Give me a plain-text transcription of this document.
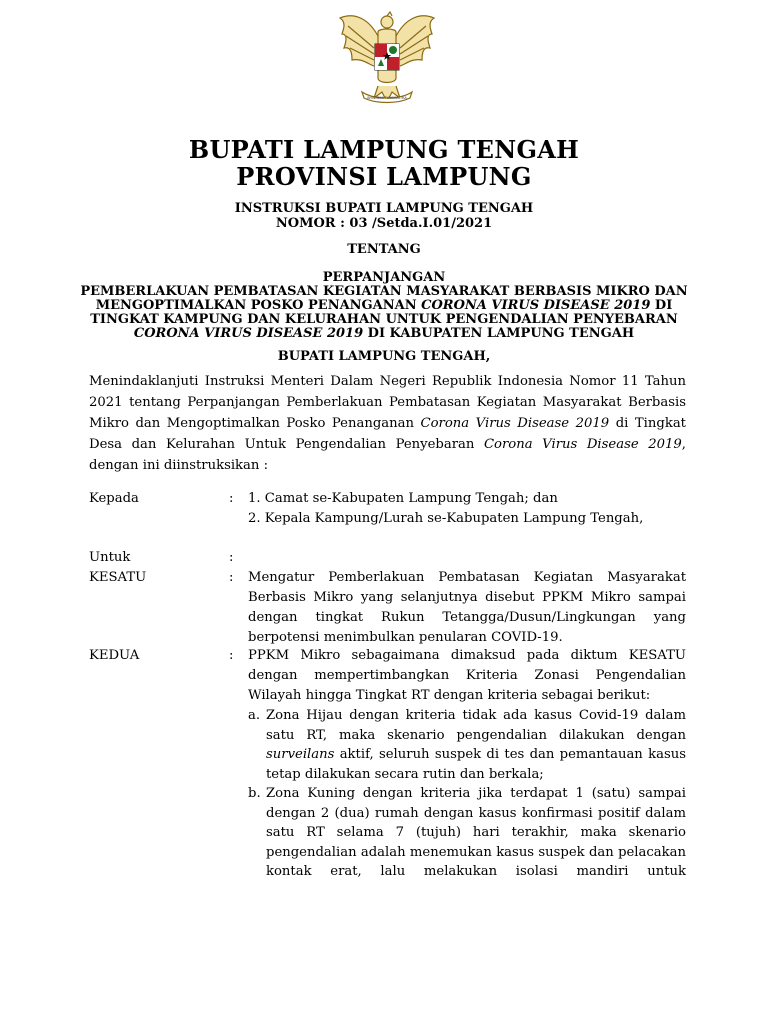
BHINNEKA TUNGGAL IKA
BUPATI LAMPUNG TENGAH
PROVINSI LAMPUNG
INSTRUKSI BUPATI LAMPUNG TENGAH
NOMOR : 03 /Setda.I.01/2021
TENTANG
PERPANJANGAN
PEMBERLAKUAN PEMBATASAN KEGIATAN MASYARAKAT BERBASIS MIKRO DAN
MENGOPTIMALKAN POSKO PENANGANAN CORONA VIRUS DISEASE 2019 DI
TINGKAT KAMPUNG DAN KELURAHAN UNTUK PENGENDALIAN PENYEBARAN
CORONA VIRUS DISEASE 2019 DI KABUPATEN LAMPUNG TENGAH
BUPATI LAMPUNG TENGAH,
Menindaklanjuti Instruksi Menteri Dalam Negeri Republik Indonesia Nomor 11 Tahun 2021 tentang Perpanjangan Pemberlakuan Pembatasan Kegiatan Masyarakat Berbasis Mikro dan Mengoptimalkan Posko Penanganan Corona Virus Disease 2019 di Tingkat Desa dan Kelurahan Untuk Pengendalian Penyebaran Corona Virus Disease 2019, dengan ini diinstruksikan :
Kepada	: 1. Camat se-Kabupaten Lampung Tengah; dan
2. Kepala Kampung/Lurah se-Kabupaten Lampung Tengah,
Untuk	:
KESATU	: Mengatur Pemberlakuan Pembatasan Kegiatan Masyarakat Berbasis Mikro yang selanjutnya disebut PPKM Mikro sampai dengan tingkat Rukun Tetangga/Dusun/Lingkungan yang berpotensi menimbulkan penularan COVID-19.
KEDUA	: PPKM Mikro sebagaimana dimaksud pada diktum KESATU dengan mempertimbangkan Kriteria Zonasi Pengendalian Wilayah hingga Tingkat RT dengan kriteria sebagai berikut:
a. Zona Hijau dengan kriteria tidak ada kasus Covid-19 dalam satu RT, maka skenario pengendalian dilakukan dengan surveilans aktif, seluruh suspek di tes dan pemantauan kasus tetap dilakukan secara rutin dan berkala;
b. Zona Kuning dengan kriteria jika terdapat 1 (satu) sampai dengan 2 (dua) rumah dengan kasus konfirmasi positif dalam satu RT selama 7 (tujuh) hari terakhir, maka skenario pengendalian adalah menemukan kasus suspek dan pelacakan kontak erat, lalu melakukan isolasi mandiri untuk
